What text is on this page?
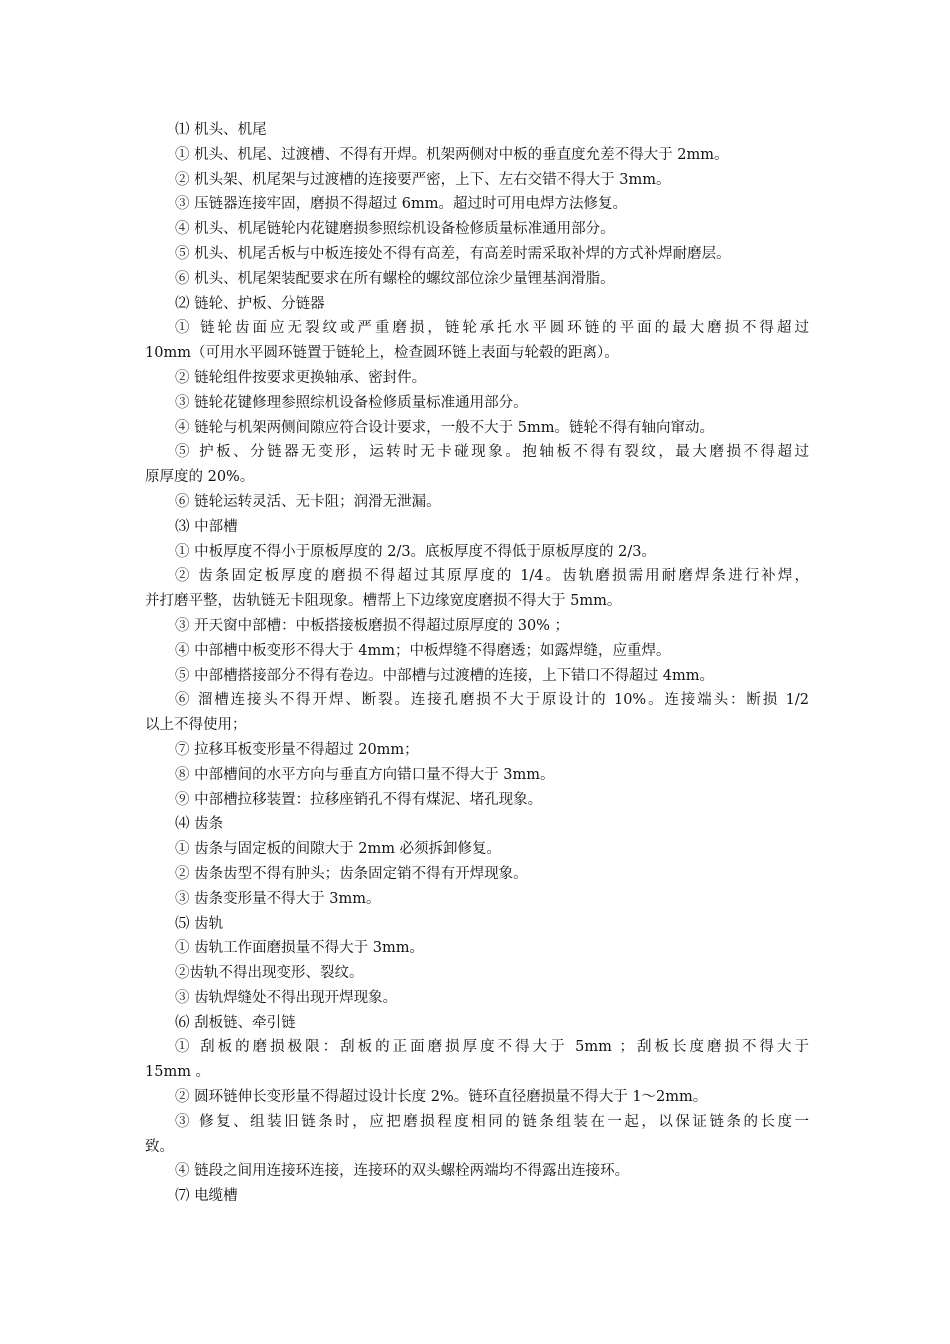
⑴ 机头、机尾
① 机头、机尾、过渡槽、不得有开焊。机架两侧对中板的垂直度允差不得大于 2mm。
② 机头架、机尾架与过渡槽的连接要严密，上下、左右交错不得大于 3mm。
③ 压链器连接牢固，磨损不得超过 6mm。超过时可用电焊方法修复。
④ 机头、机尾链轮内花键磨损参照综机设备检修质量标准通用部分。
⑤ 机头、机尾舌板与中板连接处不得有高差，有高差时需采取补焊的方式补焊耐磨层。
⑥ 机头、机尾架装配要求在所有螺栓的螺纹部位涂少量锂基润滑脂。
⑵ 链轮、护板、分链器
① 链轮齿面应无裂纹或严重磨损，链轮承托水平圆环链的平面的最大磨损不得超过
10mm（可用水平圆环链置于链轮上，检查圆环链上表面与轮毂的距离）。
② 链轮组件按要求更换轴承、密封件。
③ 链轮花键修理参照综机设备检修质量标准通用部分。
④ 链轮与机架两侧间隙应符合设计要求，一般不大于 5mm。链轮不得有轴向窜动。
⑤ 护板、分链器无变形，运转时无卡碰现象。抱轴板不得有裂纹，最大磨损不得超过
原厚度的 20%。
⑥ 链轮运转灵活、无卡阻；润滑无泄漏。
⑶ 中部槽
① 中板厚度不得小于原板厚度的 2/3。底板厚度不得低于原板厚度的 2/3。
② 齿条固定板厚度的磨损不得超过其原厚度的 1/4。齿轨磨损需用耐磨焊条进行补焊，
并打磨平整，齿轨链无卡阻现象。槽帮上下边缘宽度磨损不得大于 5mm。
③ 开天窗中部槽：中板搭接板磨损不得超过原厚度的 30% ；
④ 中部槽中板变形不得大于 4mm；中板焊缝不得磨透；如露焊缝，应重焊。
⑤ 中部槽搭接部分不得有卷边。中部槽与过渡槽的连接，上下错口不得超过 4mm。
⑥ 溜槽连接头不得开焊、断裂。连接孔磨损不大于原设计的 10%。连接端头：断损 1/2
以上不得使用；
⑦ 拉移耳板变形量不得超过 20mm；
⑧ 中部槽间的水平方向与垂直方向错口量不得大于 3mm。
⑨ 中部槽拉移装置：拉移座销孔不得有煤泥、堵孔现象。
⑷ 齿条
① 齿条与固定板的间隙大于 2mm 必须拆卸修复。
② 齿条齿型不得有肿头；齿条固定销不得有开焊现象。
③ 齿条变形量不得大于 3mm。
⑸ 齿轨
① 齿轨工作面磨损量不得大于 3mm。
②齿轨不得出现变形、裂纹。
③ 齿轨焊缝处不得出现开焊现象。
⑹ 刮板链、牵引链
① 刮板的磨损极限：刮板的正面磨损厚度不得大于 5mm ；刮板长度磨损不得大于
15mm 。
② 圆环链伸长变形量不得超过设计长度 2%。链环直径磨损量不得大于 1～2mm。
③ 修复、组装旧链条时，应把磨损程度相同的链条组装在一起，以保证链条的长度一
致。
④ 链段之间用连接环连接，连接环的双头螺栓两端均不得露出连接环。
⑺ 电缆槽
